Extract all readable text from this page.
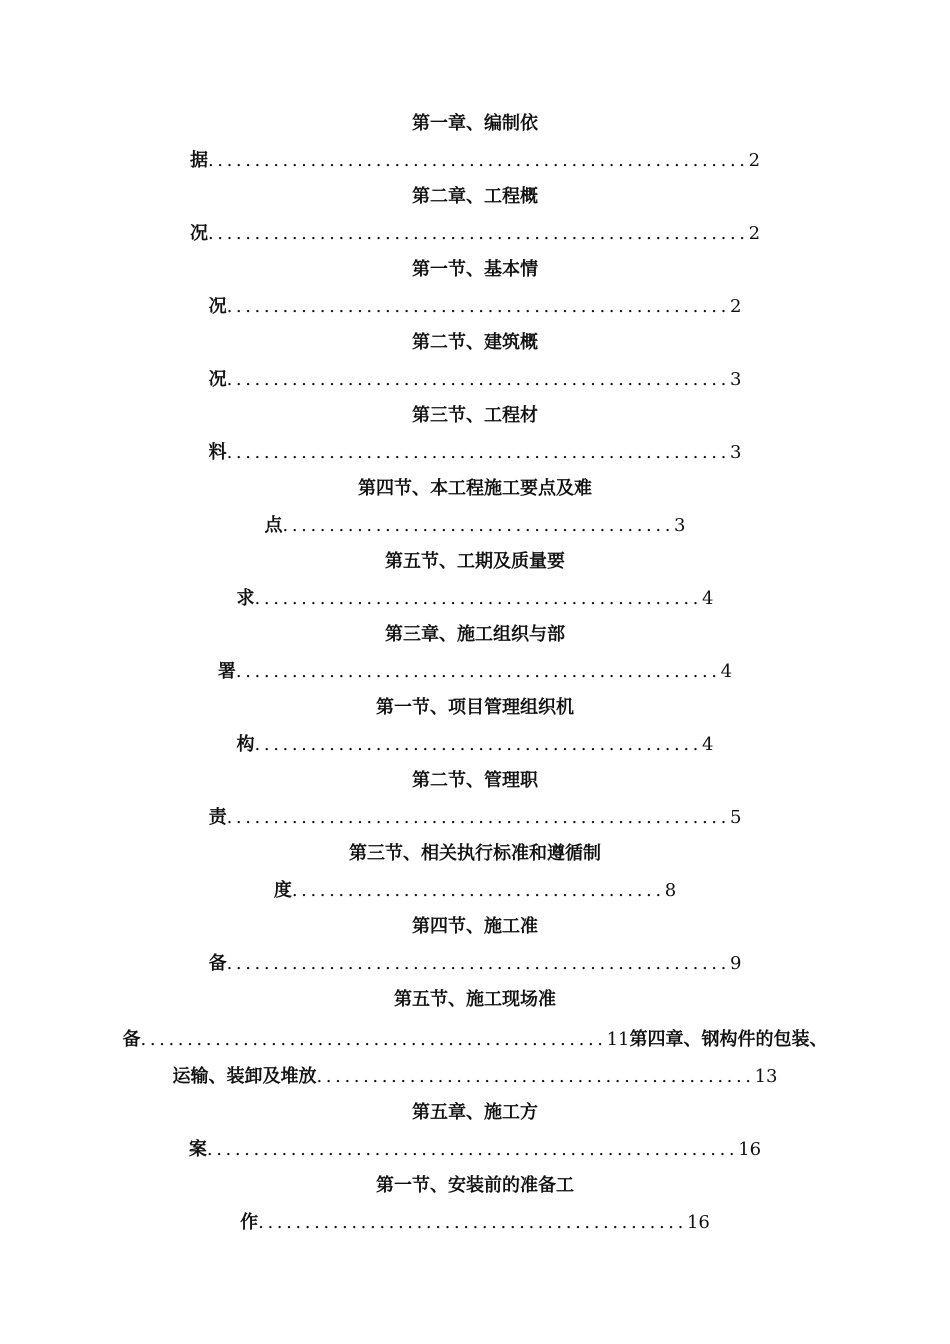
第一章、编制依
据..........................................................2
第二章、工程概
况..........................................................2
第一节、基本情
况......................................................2
第二节、建筑概
况......................................................3
第三节、工程材
料......................................................3
第四节、本工程施工要点及难
点..........................................3
第五节、工期及质量要
求................................................4
第三章、施工组织与部
署....................................................4
第一节、项目管理组织机
构................................................4
第二节、管理职
责......................................................5
第三节、相关执行标准和遵循制
度........................................8
第四节、施工准
备......................................................9
第五节、施工现场准
备..................................................11第四章、钢构件的包装、
运输、装卸及堆放...............................................13
第五章、施工方
案.........................................................16
第一节、安装前的准备工
作..............................................16
